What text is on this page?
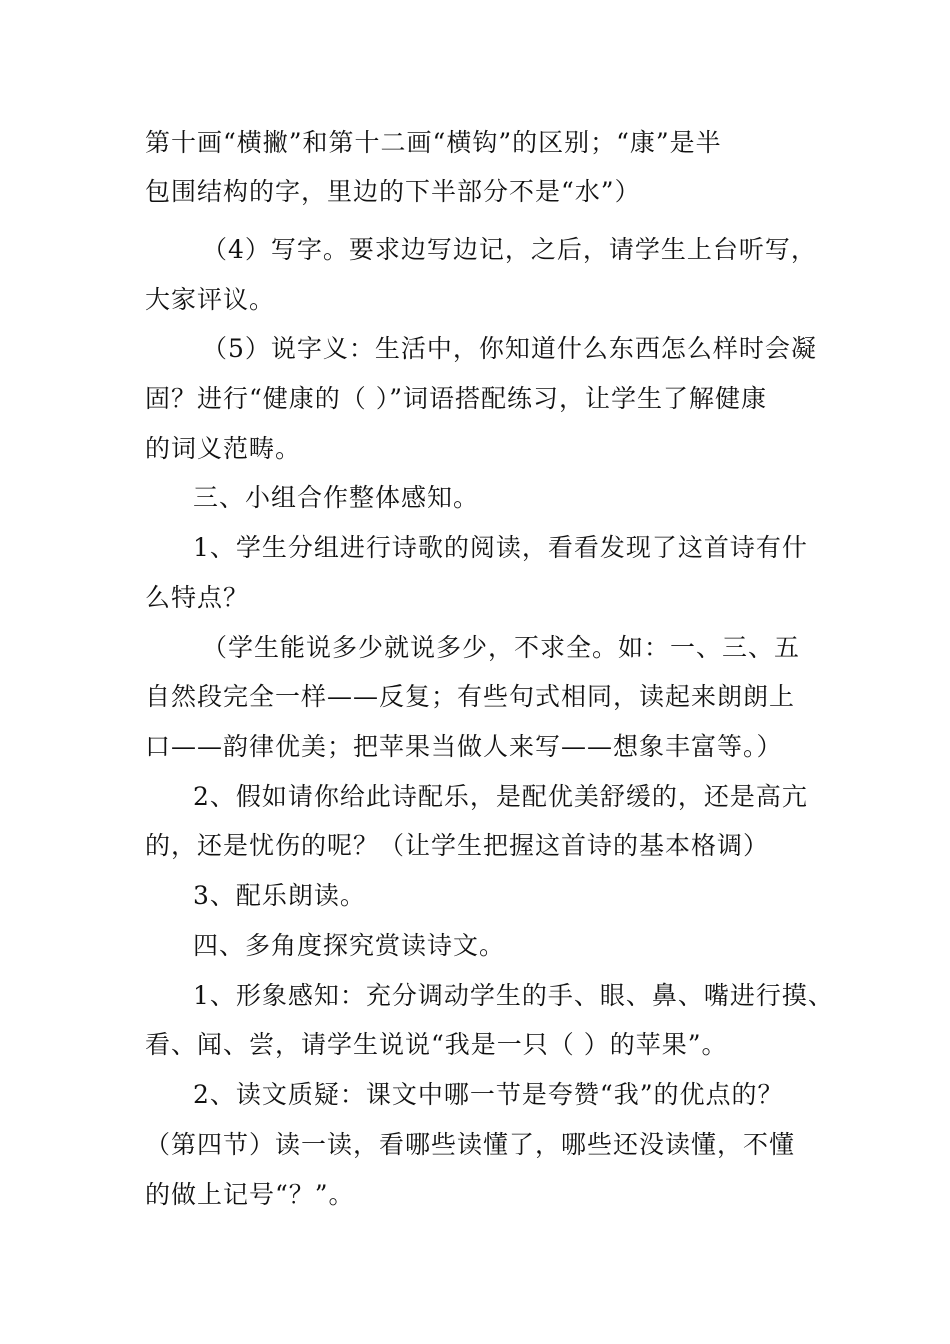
第十画“横撇”和第十二画“横钩”的区别；“康”是半
包围结构的字，里边的下半部分不是“水”）
（4）写字。要求边写边记，之后，请学生上台听写，
大家评议。
（5）说字义：生活中，你知道什么东西怎么样时会凝
固？进行“健康的（ ）”词语搭配练习，让学生了解健康
的词义范畴。
三、小组合作整体感知。
1、学生分组进行诗歌的阅读，看看发现了这首诗有什
么特点？
（学生能说多少就说多少，不求全。如：一、三、五
自然段完全一样——反复；有些句式相同，读起来朗朗上
口——韵律优美；把苹果当做人来写——想象丰富等。）
2、假如请你给此诗配乐，是配优美舒缓的，还是高亢
的，还是忧伤的呢？（让学生把握这首诗的基本格调）
3、配乐朗读。
四、多角度探究赏读诗文。
1、形象感知：充分调动学生的手、眼、鼻、嘴进行摸、
看、闻、尝，请学生说说“我是一只（ ）的苹果”。
2、读文质疑：课文中哪一节是夸赞“我”的优点的？
（第四节）读一读，看哪些读懂了，哪些还没读懂，不懂
的做上记号“？”。
